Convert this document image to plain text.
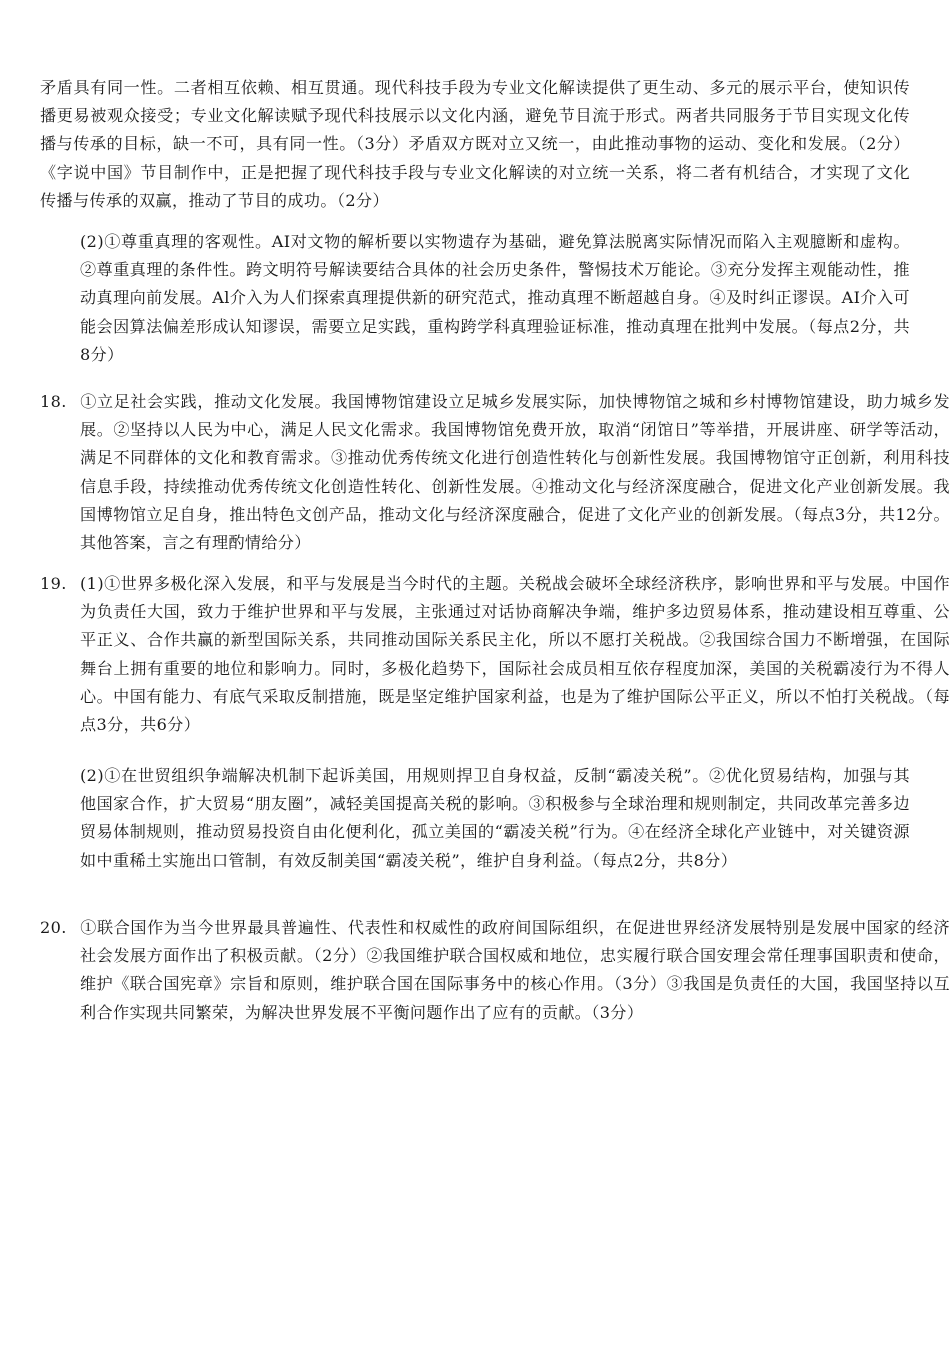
矛盾具有同一性。二者相互依赖、相互贯通。现代科技手段为专业文化解读提供了更生动、多元的展示平台，使知识传播更易被观众接受；专业文化解读赋予现代科技展示以文化内涵，避免节目流于形式。两者共同服务于节目实现文化传播与传承的目标，缺一不可，具有同一性。（3分）矛盾双方既对立又统一，由此推动事物的运动、变化和发展。（2分）《字说中国》节目制作中，正是把握了现代科技手段与专业文化解读的对立统一关系，将二者有机结合，才实现了文化传播与传承的双赢，推动了节目的成功。（2分）

(2)①尊重真理的客观性。AI对文物的解析要以实物遗存为基础，避免算法脱离实际情况而陷入主观臆断和虚构。②尊重真理的条件性。跨文明符号解读要结合具体的社会历史条件，警惕技术万能论。③充分发挥主观能动性，推动真理向前发展。Al介入为人们探索真理提供新的研究范式，推动真理不断超越自身。④及时纠正谬误。AI介入可能会因算法偏差形成认知谬误，需要立足实践，重构跨学科真理验证标准，推动真理在批判中发展。（每点2分，共8分）

18. ①立足社会实践，推动文化发展。我国博物馆建设立足城乡发展实际，加快博物馆之城和乡村博物馆建设，助力城乡发展。②坚持以人民为中心，满足人民文化需求。我国博物馆免费开放，取消“闭馆日”等举措，开展讲座、研学等活动，满足不同群体的文化和教育需求。③推动优秀传统文化进行创造性转化与创新性发展。我国博物馆守正创新，利用科技信息手段，持续推动优秀传统文化创造性转化、创新性发展。④推动文化与经济深度融合，促进文化产业创新发展。我国博物馆立足自身，推出特色文创产品，推动文化与经济深度融合，促进了文化产业的创新发展。（每点3分，共12分。其他答案，言之有理酌情给分）

19. (1)①世界多极化深入发展，和平与发展是当今时代的主题。关税战会破坏全球经济秩序，影响世界和平与发展。中国作为负责任大国，致力于维护世界和平与发展，主张通过对话协商解决争端，维护多边贸易体系，推动建设相互尊重、公平正义、合作共赢的新型国际关系，共同推动国际关系民主化，所以不愿打关税战。②我国综合国力不断增强，在国际舞台上拥有重要的地位和影响力。同时，多极化趋势下，国际社会成员相互依存程度加深，美国的关税霸凌行为不得人心。中国有能力、有底气采取反制措施，既是坚定维护国家利益，也是为了维护国际公平正义，所以不怕打关税战。（每点3分，共6分）

(2)①在世贸组织争端解决机制下起诉美国，用规则捍卫自身权益，反制“霸凌关税”。②优化贸易结构，加强与其他国家合作，扩大贸易“朋友圈”，减轻美国提高关税的影响。③积极参与全球治理和规则制定，共同改革完善多边贸易体制规则，推动贸易投资自由化便利化，孤立美国的“霸凌关税”行为。④在经济全球化产业链中，对关键资源如中重稀土实施出口管制，有效反制美国“霸凌关税”，维护自身利益。（每点2分，共8分）

20. ①联合国作为当今世界最具普遍性、代表性和权威性的政府间国际组织，在促进世界经济发展特别是发展中国家的经济社会发展方面作出了积极贡献。（2分）②我国维护联合国权威和地位，忠实履行联合国安理会常任理事国职责和使命，维护《联合国宪章》宗旨和原则，维护联合国在国际事务中的核心作用。（3分）③我国是负责任的大国，我国坚持以互利合作实现共同繁荣，为解决世界发展不平衡问题作出了应有的贡献。（3分）
